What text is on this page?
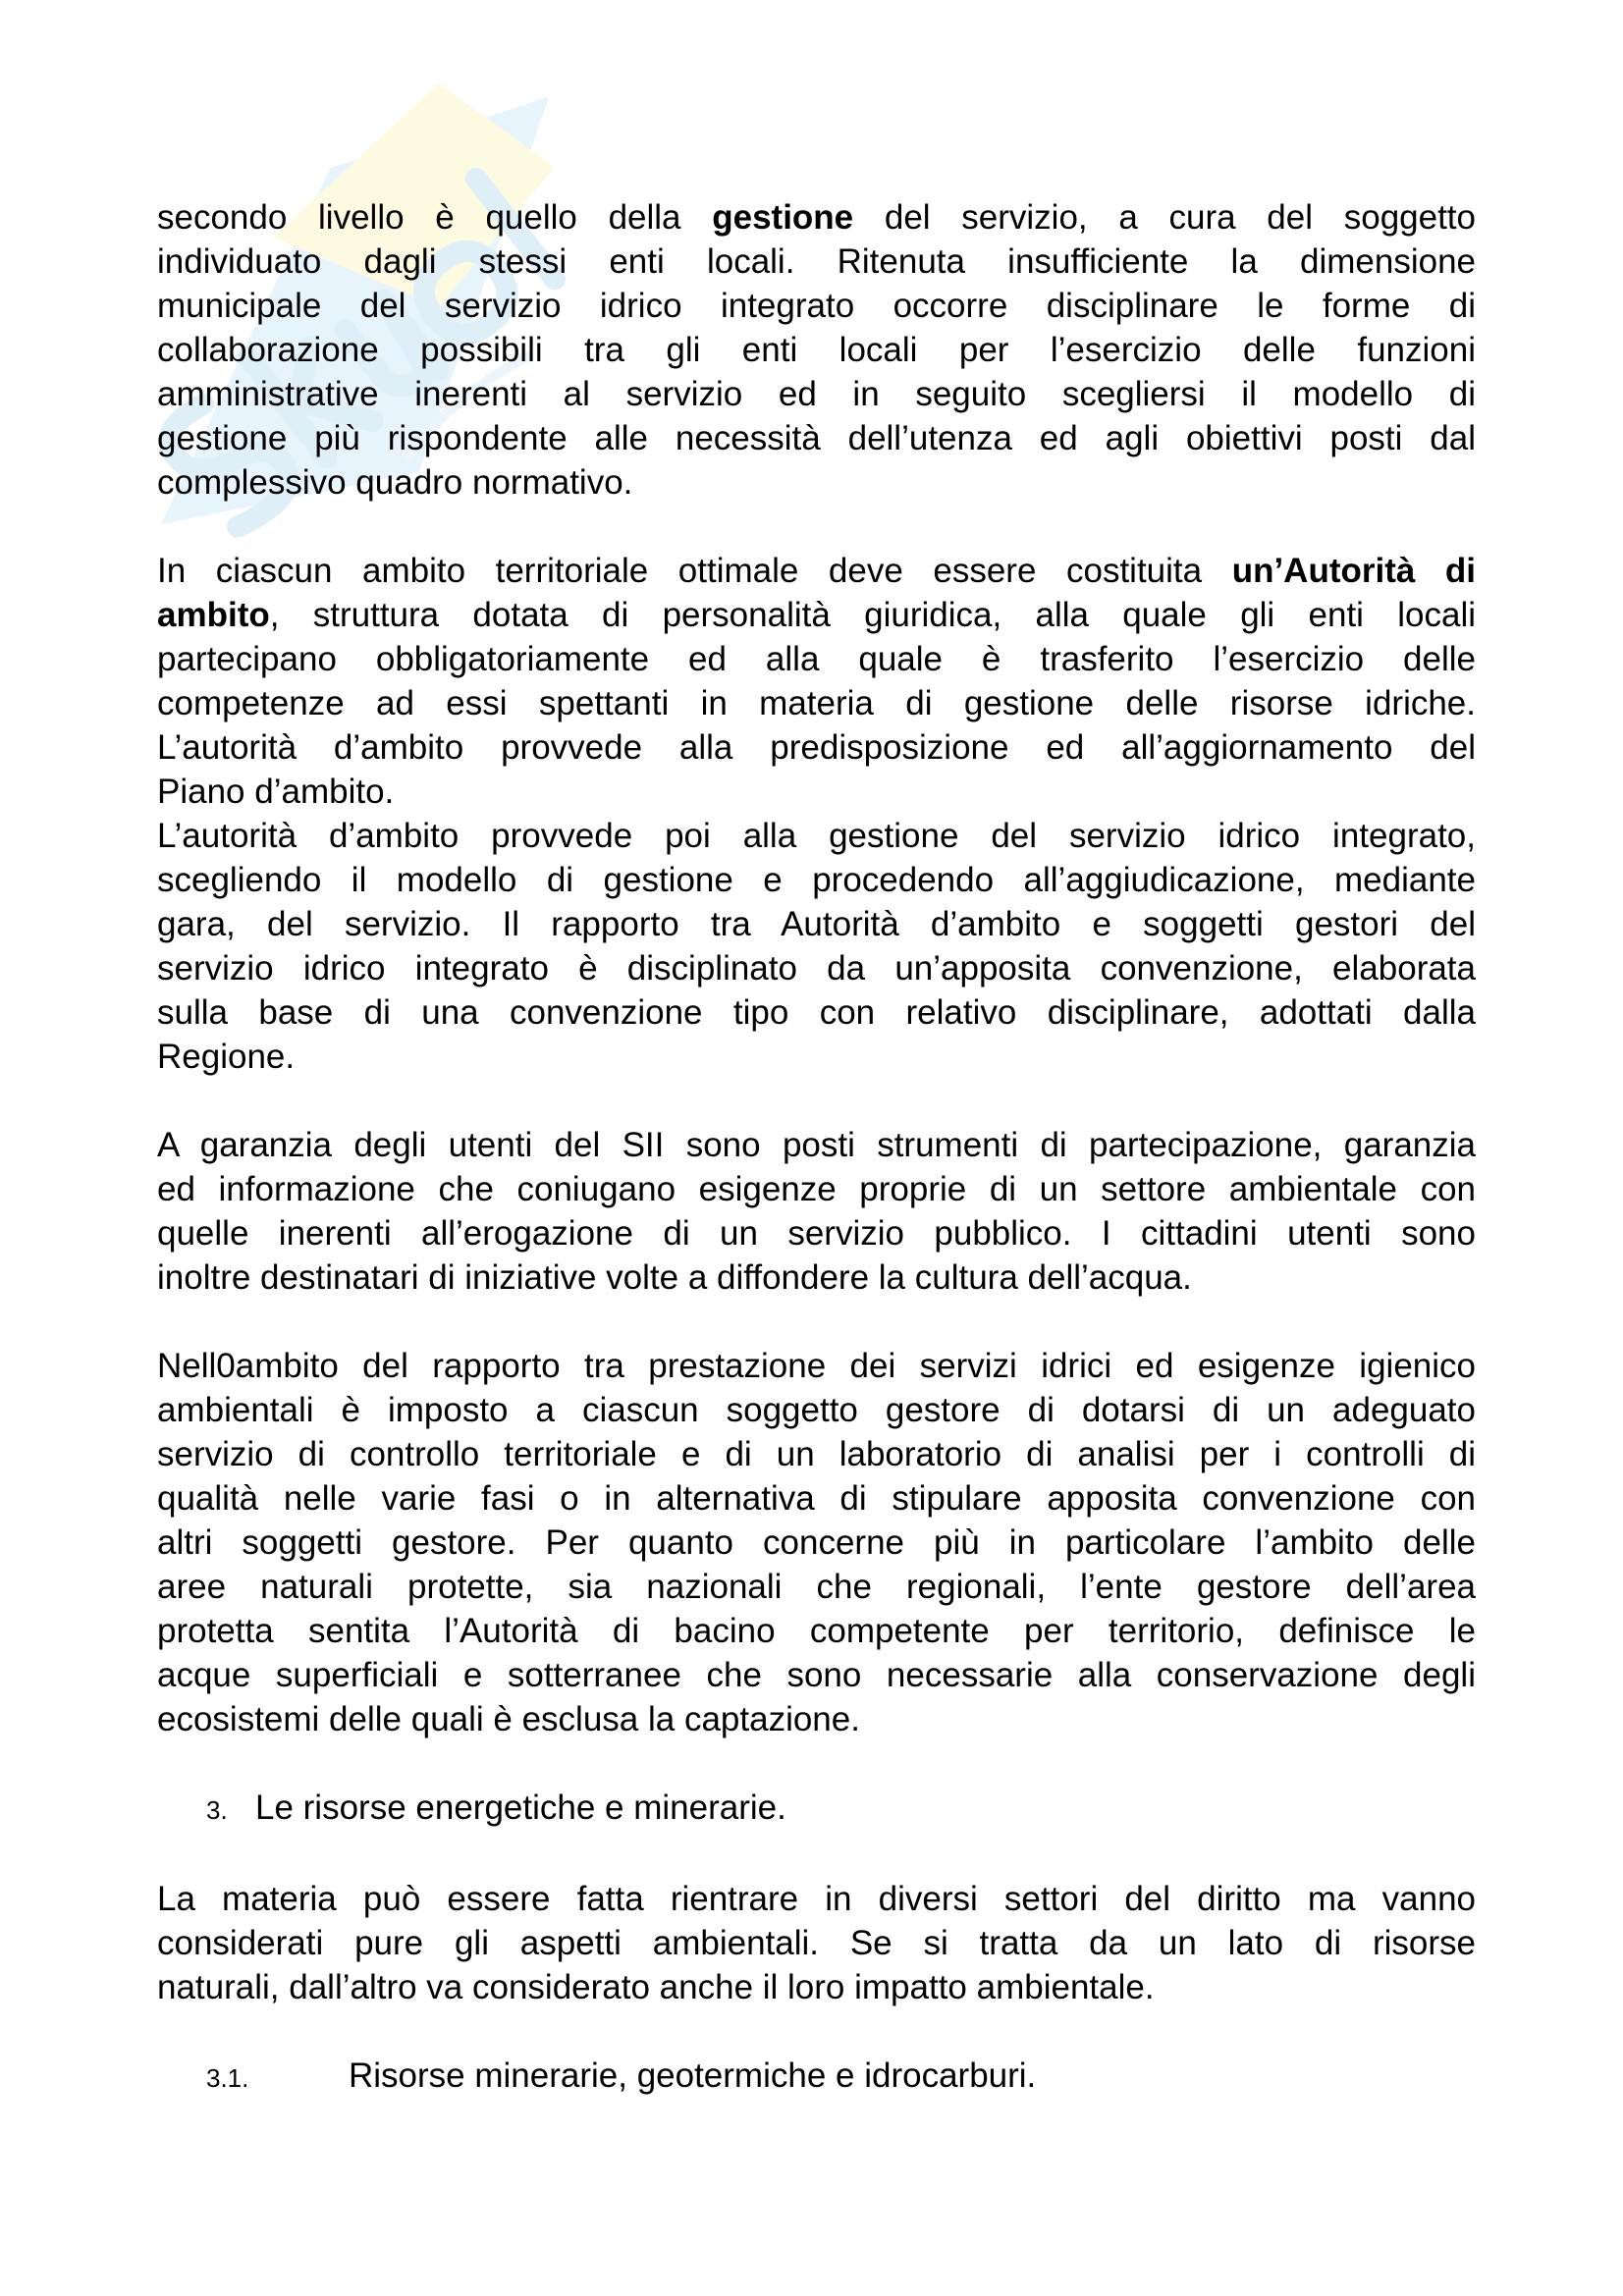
secondo livello è quello della gestione del servizio, a cura del soggetto
individuato dagli stessi enti locali. Ritenuta insufficiente la dimensione
municipale del servizio idrico integrato occorre disciplinare le forme di
collaborazione possibili tra gli enti locali per l’esercizio delle funzioni
amministrative inerenti al servizio ed in seguito scegliersi il modello di
gestione più rispondente alle necessità dell’utenza ed agli obiettivi posti dal
complessivo quadro normativo.
In ciascun ambito territoriale ottimale deve essere costituita un’Autorità di
ambito, struttura dotata di personalità giuridica, alla quale gli enti locali
partecipano obbligatoriamente ed alla quale è trasferito l’esercizio delle
competenze ad essi spettanti in materia di gestione delle risorse idriche.
L’autorità d’ambito provvede alla predisposizione ed all’aggiornamento del
Piano d’ambito.
L’autorità d’ambito provvede poi alla gestione del servizio idrico integrato,
scegliendo il modello di gestione e procedendo all’aggiudicazione, mediante
gara, del servizio. Il rapporto tra Autorità d’ambito e soggetti gestori del
servizio idrico integrato è disciplinato da un’apposita convenzione, elaborata
sulla base di una convenzione tipo con relativo disciplinare, adottati dalla
Regione.
A garanzia degli utenti del SII sono posti strumenti di partecipazione, garanzia
ed informazione che coniugano esigenze proprie di un settore ambientale con
quelle inerenti all’erogazione di un servizio pubblico. I cittadini utenti sono
inoltre destinatari di iniziative volte a diffondere la cultura dell’acqua.
Nell0ambito del rapporto tra prestazione dei servizi idrici ed esigenze igienico
ambientali è imposto a ciascun soggetto gestore di dotarsi di un adeguato
servizio di controllo territoriale e di un laboratorio di analisi per i controlli di
qualità nelle varie fasi o in alternativa di stipulare apposita convenzione con
altri soggetti gestore. Per quanto concerne più in particolare l’ambito delle
aree naturali protette, sia nazionali che regionali, l’ente gestore dell’area
protetta sentita l’Autorità di bacino competente per territorio, definisce le
acque superficiali e sotterranee che sono necessarie alla conservazione degli
ecosistemi delle quali è esclusa la captazione.
3. Le risorse energetiche e minerarie.
La materia può essere fatta rientrare in diversi settori del diritto ma vanno
considerati pure gli aspetti ambientali. Se si tratta da un lato di risorse
naturali, dall’altro va considerato anche il loro impatto ambientale.
3.1.	Risorse minerarie, geotermiche e idrocarburi.
